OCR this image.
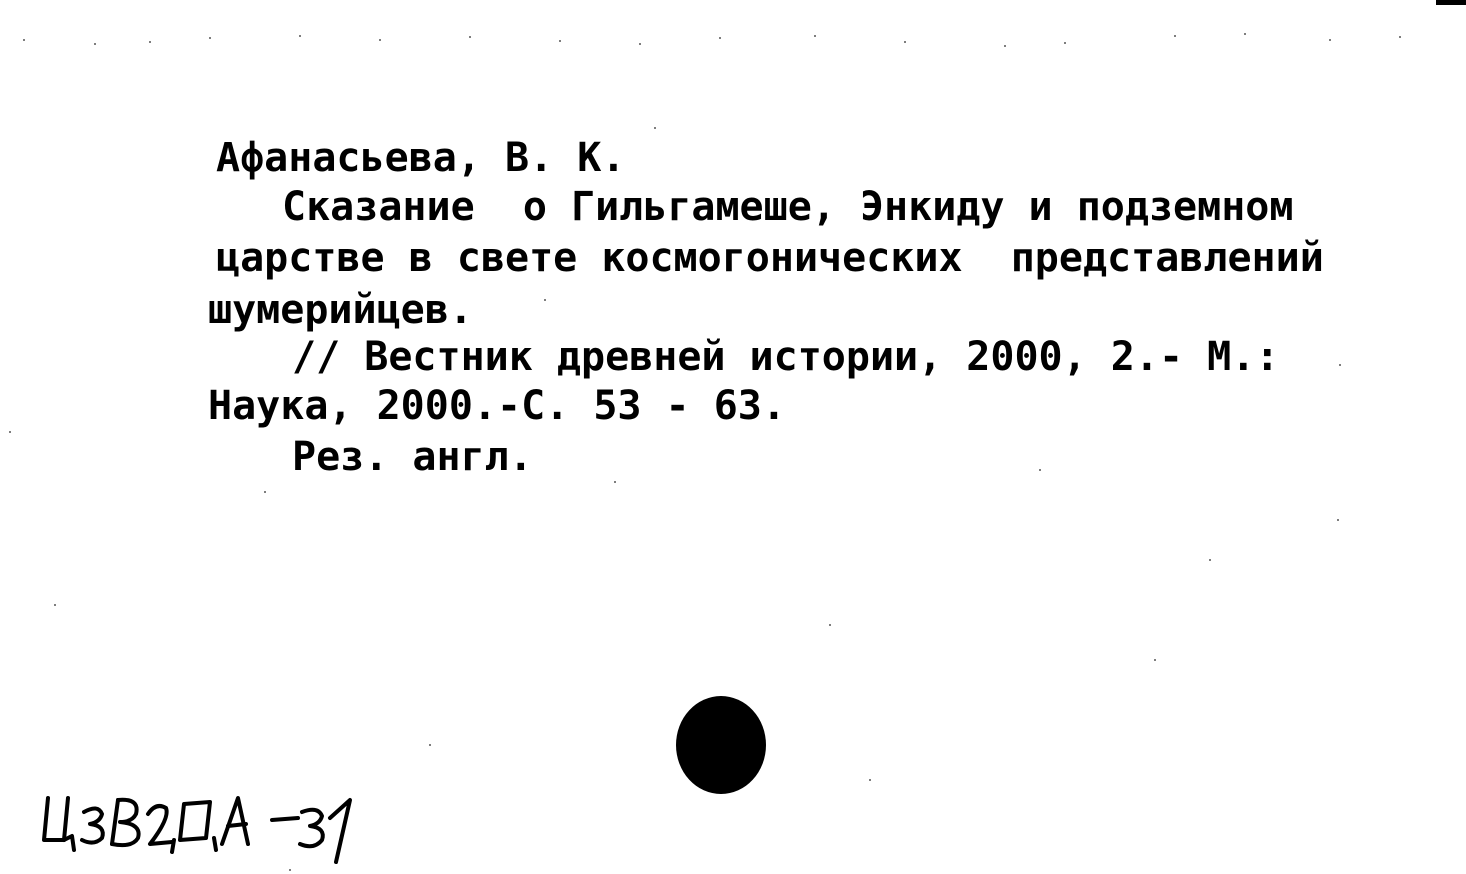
Афанасьева, В. К.
Сказание  о Гильгамеше, Энкиду и подземном
царстве в свете космогонических  представлений
шумерийцев.
// Вестник древней истории, 2000, 2.- М.:
Наука, 2000.-С. 53 - 63.
Рез. англ.
